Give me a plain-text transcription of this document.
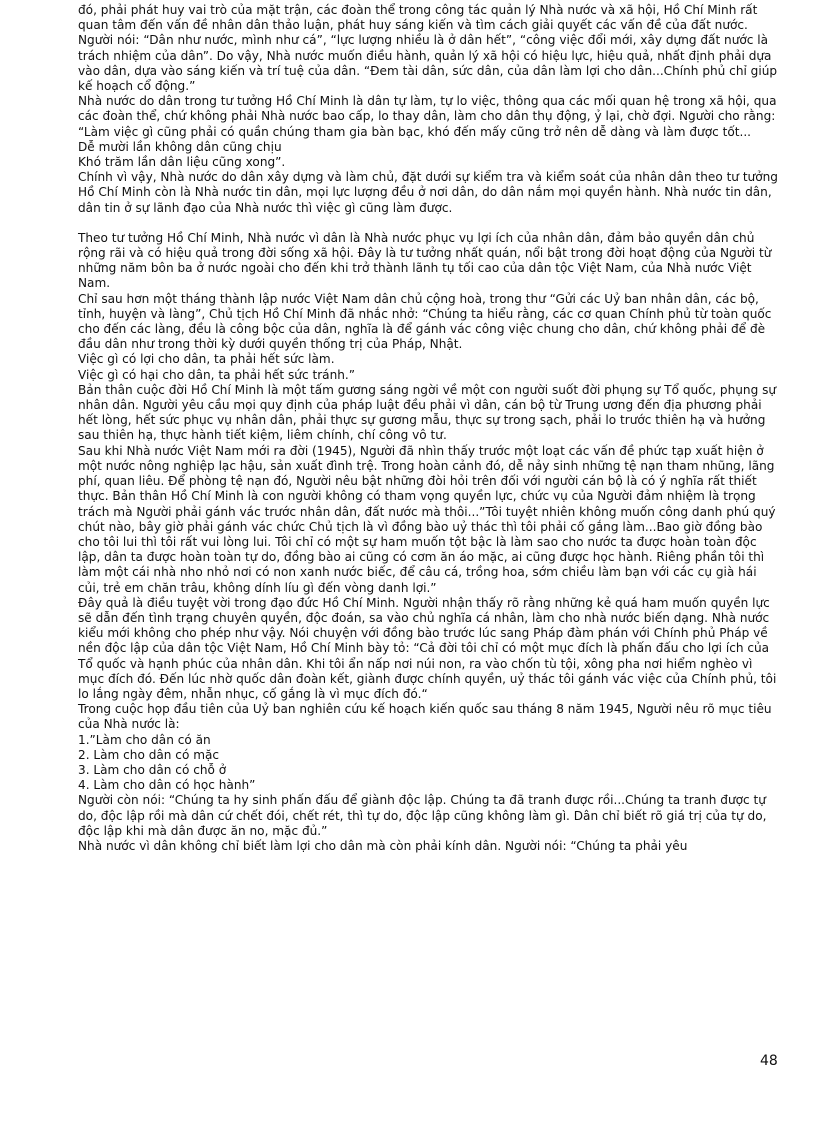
đó, phải phát huy vai trò của mặt trận, các đoàn thể trong công tác quản lý Nhà nước và xã hội, Hồ Chí Minh rất quan tâm đến vấn đề nhân dân thảo luận, phát huy sáng kiến và tìm cách giải quyết các vấn đề của đất nước. Người nói: “Dân như nước, mình như cá”, “lực lượng nhiều là ở dân hết”, “công việc đổi mới, xây dựng đất nước là trách nhiệm của dân”. Do vậy, Nhà nước muốn điều hành, quản lý xã hội có hiệu lực, hiệu quả, nhất định phải dựa vào dân, dựa vào sáng kiến và trí tuệ của dân. “Đem tài dân, sức dân, của dân làm lợi cho dân...Chính phủ chỉ giúp kế hoạch cổ động.”

Nhà nước do dân trong tư tưởng Hồ Chí Minh là dân tự làm, tự lo việc, thông qua các mối quan hệ trong xã hội, qua các đoàn thể, chứ không phải Nhà nước bao cấp, lo thay dân, làm cho dân thụ động, ỷ lại, chờ đợi. Người cho rằng: “Làm việc gì cũng phải có quần chúng tham gia bàn bạc, khó đến mấy cũng trở nên dễ dàng và làm được tốt...

Dễ mười lần không dân cũng chịu

Khó trăm lần dân liệu cũng xong”.

Chính vì vậy, Nhà nước do dân xây dựng và làm chủ, đặt dưới sự kiểm tra và kiểm soát của nhân dân theo tư tưởng Hồ Chí Minh còn là Nhà nước tin dân, mọi lực lượng đều ở nơi dân, do dân nắm mọi quyền hành. Nhà nước tin dân, dân tin ở sự lãnh đạo của Nhà nước thì việc gì cũng làm được.

Theo tư tưởng Hồ Chí Minh, Nhà nước vì dân là Nhà nước phục vụ lợi ích của nhân dân, đảm bảo quyền dân chủ rộng rãi và có hiệu quả trong đời sống xã hội. Đây là tư tưởng nhất quán, nổi bật trong đời hoạt động của Người từ những năm bôn ba ở nước ngoài cho đến khi trở thành lãnh tụ tối cao của dân tộc Việt Nam, của Nhà nước Việt Nam.

Chỉ sau hơn một tháng thành lập nước Việt Nam dân chủ cộng hoà, trong thư “Gửi các Uỷ ban nhân dân, các bộ, tỉnh, huyện và làng”, Chủ tịch Hồ Chí Minh đã nhắc nhở: “Chúng ta hiểu rằng, các cơ quan Chính phủ từ toàn quốc cho đến các làng, đều là công bộc của dân, nghĩa là để gánh vác công việc chung cho dân, chứ không phải để đè đầu dân như trong thời kỳ dưới quyền thống trị của Pháp, Nhật.

Việc gì có lợi cho dân, ta phải hết sức làm.

Việc gì có hại cho dân, ta phải hết sức tránh.”

Bản thân cuộc đời Hồ Chí Minh là một tấm gương sáng ngời về một con người suốt đời phụng sự Tổ quốc, phụng sự nhân dân. Người yêu cầu mọi quy định của pháp luật đều phải vì dân, cán bộ từ Trung ương đến địa phương phải hết lòng, hết sức phục vụ nhân dân, phải thực sự gương mẫu, thực sự trong sạch, phải lo trước thiên hạ và hưởng sau thiên hạ, thực hành tiết kiệm, liêm chính, chí công vô tư.

Sau khi Nhà nước Việt Nam mới ra đời (1945), Người đã nhìn thấy trước một loạt các vấn đề phức tạp xuất hiện ở một nước nông nghiệp lạc hậu, sản xuất đình trệ. Trong hoàn cảnh đó, dễ nảy sinh những tệ nạn tham nhũng, lãng phí, quan liêu. Để phòng tệ nạn đó, Người nêu bật những đòi hỏi trên đối với người cán bộ là có ý nghĩa rất thiết thực. Bản thân Hồ Chí Minh là con người không có tham vọng quyền lực, chức vụ của Người đảm nhiệm là trọng trách mà Người phải gánh vác trước nhân dân, đất nước mà thôi...”Tôi tuyệt nhiên không muốn công danh phú quý chút nào, bây giờ phải gánh vác chức Chủ tịch là vì đồng bào uỷ thác thì tôi phải cố gắng làm...Bao giờ đồng bào cho tôi lui thì tôi rất vui lòng lui. Tôi chỉ có một sự ham muốn tột bậc là làm sao cho nước ta được hoàn toàn độc lập, dân ta được hoàn toàn tự do, đồng bào ai cũng có cơm ăn áo mặc, ai cũng được học hành. Riêng phần tôi thì làm một cái nhà nho nhỏ nơi có non xanh nước biếc, để câu cá, trồng hoa, sớm chiều làm bạn với các cụ già hái củi, trẻ em chăn trâu, không dính líu gì đến vòng danh lợi.”

Đây quả là điều tuyệt vời trong đạo đức Hồ Chí Minh. Người nhận thấy rõ rằng những kẻ quá ham muốn quyền lực sẽ dẫn đến tình trạng chuyên quyền, độc đoán, sa vào chủ nghĩa cá nhân, làm cho nhà nước biến dạng. Nhà nước kiểu mới không cho phép như vậy. Nói chuyện với đồng bào trước lúc sang Pháp đàm phán với Chính phủ Pháp về nền độc lập của dân tộc Việt Nam, Hồ Chí Minh bày tỏ: “Cả đời tôi chỉ có một mục đích là phấn đấu cho lợi ích của Tổ quốc và hạnh phúc của nhân dân. Khi tôi ẩn nấp nơi núi non, ra vào chốn tù tội, xông pha nơi hiểm nghèo vì mục đích đó. Đến lúc nhờ quốc dân đoàn kết, giành được chính quyền, uỷ thác tôi gánh vác việc của Chính phủ, tôi lo lắng ngày đêm, nhẫn nhục, cố gắng là vì mục đích đó.“

Trong cuộc họp đầu tiên của Uỷ ban nghiên cứu kế hoạch kiến quốc sau tháng 8 năm 1945, Người nêu rõ mục tiêu của Nhà nước là:

1.”Làm cho dân có ăn

2. Làm cho dân có mặc

3. Làm cho dân có chỗ ở

4. Làm cho dân có học hành”

Người còn nói: “Chúng ta hy sinh phấn đấu để giành độc lập. Chúng ta đã tranh được rồi...Chúng ta tranh được tự do, độc lập rồi mà dân cứ chết đói, chết rét, thì tự do, độc lập cũng không làm gì. Dân chỉ biết rõ giá trị của tự do, độc lập khi mà dân được ăn no, mặc đủ.”

Nhà nước vì dân không chỉ biết làm lợi cho dân mà còn phải kính dân. Người nói: “Chúng ta phải yêu

48
